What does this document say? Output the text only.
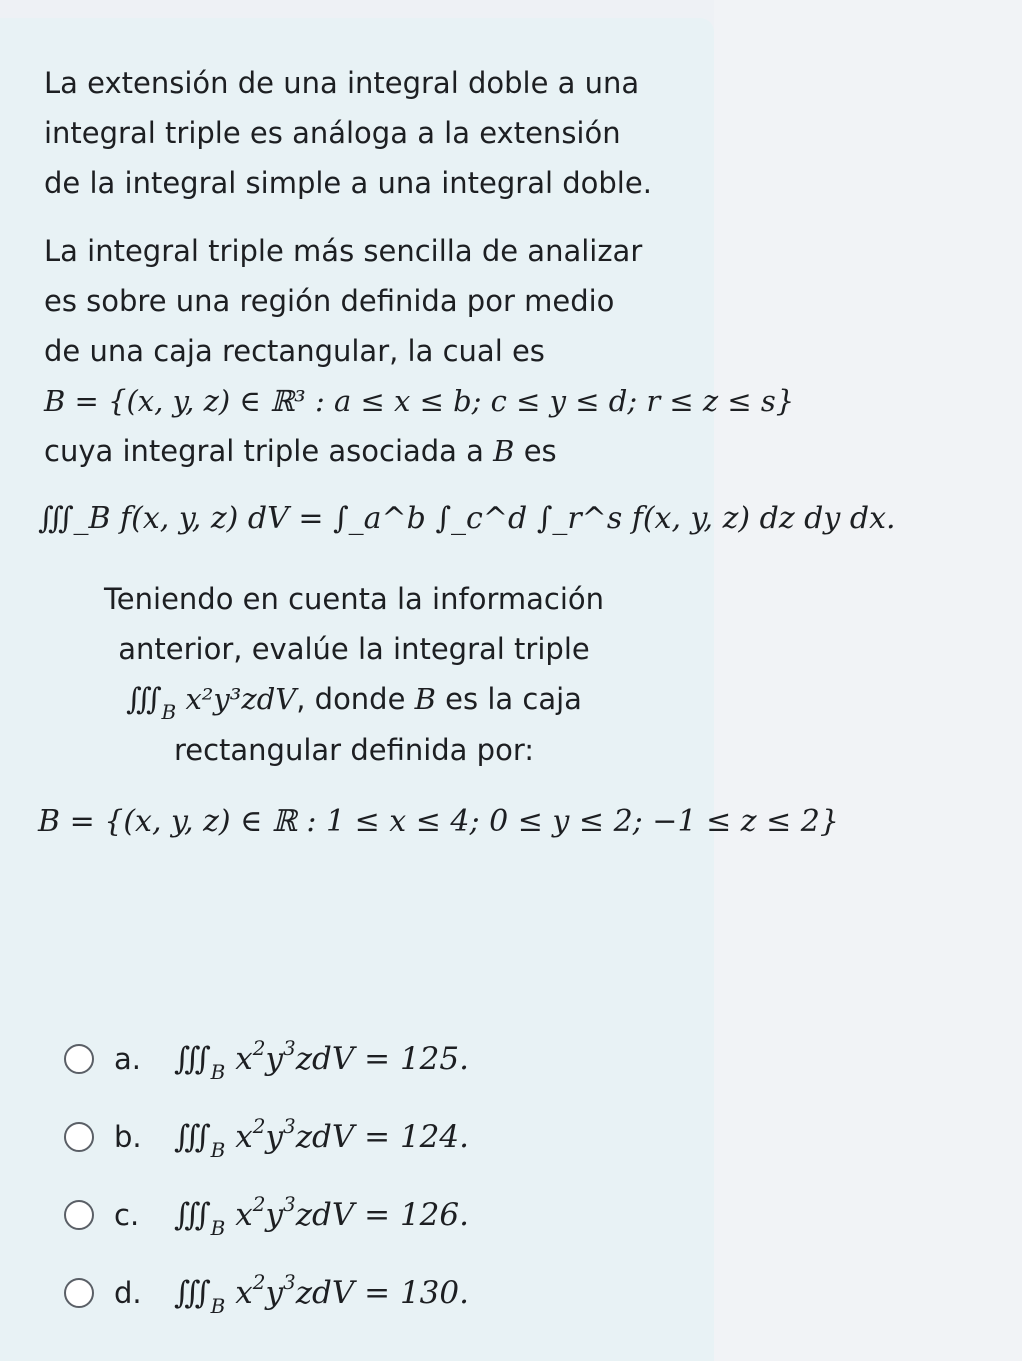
La extensión de una integral doble a una
integral triple es análoga a la extensión
de la integral simple a una integral doble.
La integral triple más sencilla de analizar
es sobre una región definida por medio
de una caja rectangular, la cual es
B = {(x, y, z) ∈ ℝ³ : a ≤ x ≤ b; c ≤ y ≤ d; r ≤ z ≤ s}
cuya integral triple asociada a B es
∭_B f(x, y, z) dV = ∫_a^b ∫_c^d ∫_r^s f(x, y, z) dz dy dx.
Teniendo en cuenta la información
anterior, evalúe la integral triple
$∭_B$ x²y³zdV, donde B es la caja
rectangular definida por:
B = {(x, y, z) ∈ ℝ : 1 ≤ x ≤ 4; 0 ≤ y ≤ 2; −1 ≤ z ≤ 2}
a.	$∭_B$ $x^2y^3zdV = 125$.
b.	$∭_B$ $x^2y^3zdV = 124$.
c.	$∭_B$ $x^2y^3zdV = 126$.
d.	$∭_B$ $x^2y^3zdV = 130$.
